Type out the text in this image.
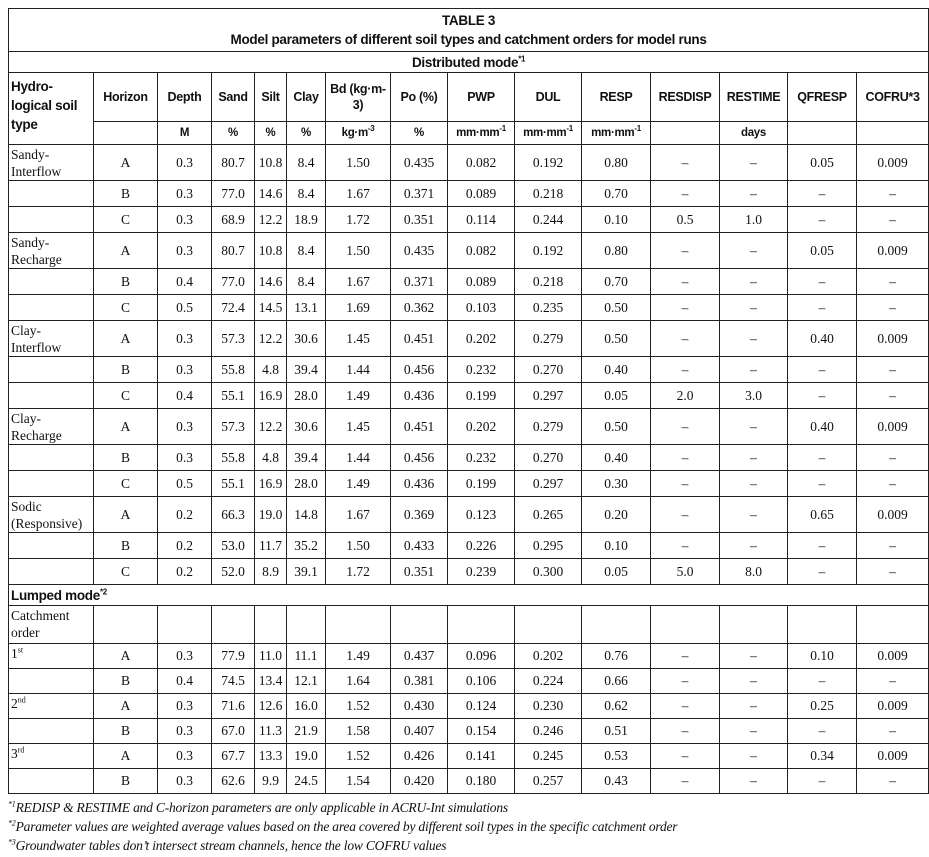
TABLE 3
Model parameters of different soil types and catchment orders for model runs														

Distributed mode$^{*1}$
Hydro-logical soil type	Horizon	Depth	Sand	Silt	Clay	Bd (kg·m-3)	Po (%)	PWP	DUL	RESP	RESDISP	RESTIME	QFRESP	COFRU*3
		M	%	%	%	$kg\cdot m^{-3}$	%	$mm\cdot mm^{-1}$	$mm\cdot mm^{-1}$	$mm\cdot mm^{-1}$		days		
Sandy-Interflow	A	0.3	80.7	10.8	8.4	1.50	0.435	0.082	0.192	0.80	–	–	0.05	0.009
	B	0.3	77.0	14.6	8.4	1.67	0.371	0.089	0.218	0.70	–	–	–	–
	C	0.3	68.9	12.2	18.9	1.72	0.351	0.114	0.244	0.10	0.5	1.0	–	–
Sandy-Recharge	A	0.3	80.7	10.8	8.4	1.50	0.435	0.082	0.192	0.80	–	–	0.05	0.009
	B	0.4	77.0	14.6	8.4	1.67	0.371	0.089	0.218	0.70	–	–	–	–
	C	0.5	72.4	14.5	13.1	1.69	0.362	0.103	0.235	0.50	–	–	–	–
Clay-Interflow	A	0.3	57.3	12.2	30.6	1.45	0.451	0.202	0.279	0.50	–	–	0.40	0.009
	B	0.3	55.8	4.8	39.4	1.44	0.456	0.232	0.270	0.40	–	–	–	–
	C	0.4	55.1	16.9	28.0	1.49	0.436	0.199	0.297	0.05	2.0	3.0	–	–
Clay-Recharge	A	0.3	57.3	12.2	30.6	1.45	0.451	0.202	0.279	0.50	–	–	0.40	0.009
	B	0.3	55.8	4.8	39.4	1.44	0.456	0.232	0.270	0.40	–	–	–	–
	C	0.5	55.1	16.9	28.0	1.49	0.436	0.199	0.297	0.30	–	–	–	–
Sodic (Responsive)	A	0.2	66.3	19.0	14.8	1.67	0.369	0.123	0.265	0.20	–	–	0.65	0.009
	B	0.2	53.0	11.7	35.2	1.50	0.433	0.226	0.295	0.10	–	–	–	–
	C	0.2	52.0	8.9	39.1	1.72	0.351	0.239	0.300	0.05	5.0	8.0	–	–
Lumped mode$^{*2}$
Catchment order														
1st	A	0.3	77.9	11.0	11.1	1.49	0.437	0.096	0.202	0.76	–	–	0.10	0.009
	B	0.4	74.5	13.4	12.1	1.64	0.381	0.106	0.224	0.66	–	–	–	–
2nd	A	0.3	71.6	12.6	16.0	1.52	0.430	0.124	0.230	0.62	–	–	0.25	0.009
	B	0.3	67.0	11.3	21.9	1.58	0.407	0.154	0.246	0.51	–	–	–	–
3rd	A	0.3	67.7	13.3	19.0	1.52	0.426	0.141	0.245	0.53	–	–	0.34	0.009
	B	0.3	62.6	9.9	24.5	1.54	0.420	0.180	0.257	0.43	–	–	–	–
$^{*1}$REDISP & RESTIME and C-horizon parameters are only applicable in ACRU-Int simulations
$^{*2}$Parameter values are weighted average values based on the area covered by different soil types in the specific catchment order
$^{*3}$Groundwater tables don’t intersect stream channels, hence the low COFRU values
